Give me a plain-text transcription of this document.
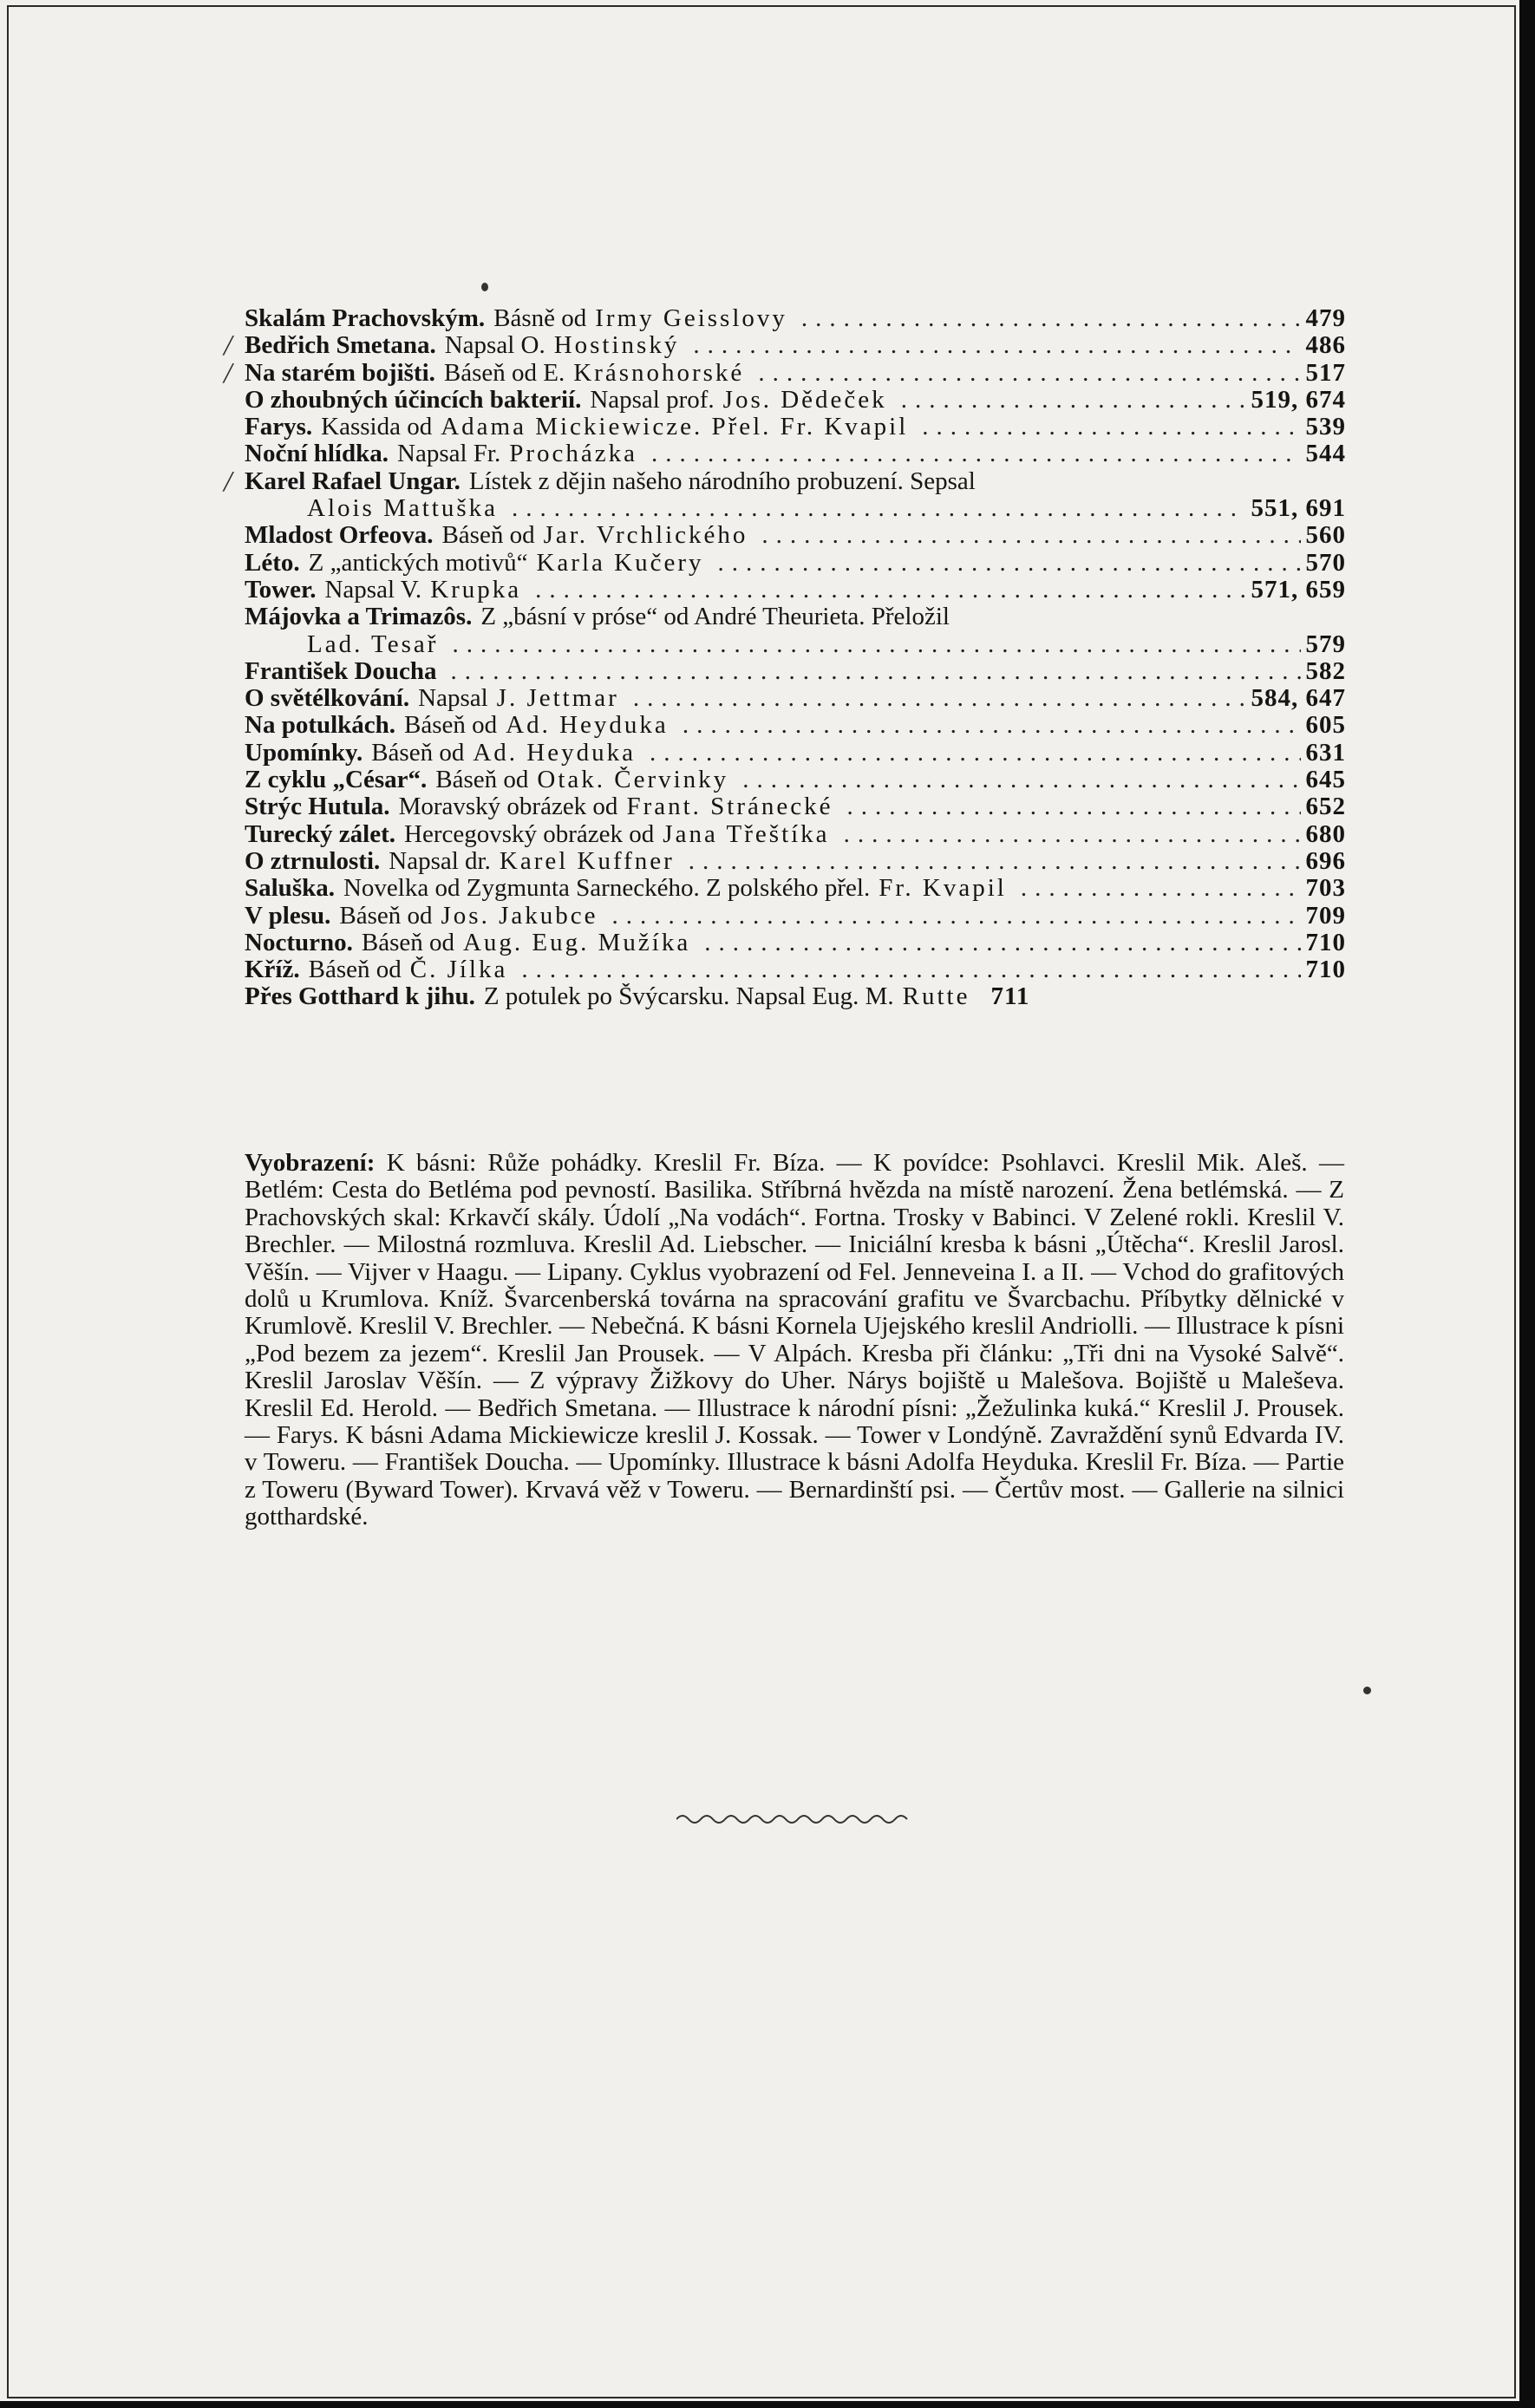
Skalám Prachovským. Básně od Irmy Geisslovy .....	479
/ Bedřich Smetana. Napsal O. Hostinský .....	486
/ Na starém bojišti. Báseň od E. Krásnohorské .....	517
O zhoubných účincích bakterií. Napsal prof. Jos. Dědeček .....	519, 674
Farys. Kassida od Adama Mickiewicze. Přel. Fr. Kvapil .....	539
Noční hlídka. Napsal Fr. Procházka .....	544
/ Karel Rafael Ungar. Lístek z dějin našeho národního probuzení. Sepsal
Alois Mattuška .....	551, 691
Mladost Orfeova. Báseň od Jar. Vrchlického .....	560
Léto. Z „antických motivů“ Karla Kučery .....	570
Tower. Napsal V. Krupka .....	571, 659
Májovka a Trimazôs. Z „básní v próse“ od André Theurieta. Přeložil
Lad. Tesař .....	579
František Doucha .....	582
O světélkování. Napsal J. Jettmar .....	584, 647
Na potulkách. Báseň od Ad. Heyduka .....	605
Upomínky. Báseň od Ad. Heyduka .....	631
Z cyklu „César“. Báseň od Otak. Červinky .....	645
Strýc Hutula. Moravský obrázek od Frant. Stránecké .....	652
Turecký zálet. Hercegovský obrázek od Jana Třeštíka .....	680
O ztrnulosti. Napsal dr. Karel Kuffner .....	696
Saluška. Novelka od Zygmunta Sarneckého. Z polského přel. Fr. Kvapil .....	703
V plesu. Báseň od Jos. Jakubce .....	709
Nocturno. Báseň od Aug. Eug. Mužíka .....	710
Kříž. Báseň od Č. Jílka .....	710
Přes Gotthard k jihu. Z potulek po Švýcarsku. Napsal Eug. M. Rutte 711
Vyobrazení: K básni: Růže pohádky. Kreslil Fr. Bíza. — K povídce: Psohlavci. Kreslil Mik. Aleš. — Betlém: Cesta do Betléma pod pevností. Basilika. Stříbrná hvězda na místě narození. Žena betlémská. — Z Prachovských skal: Krkavčí skály. Údolí „Na vodách“. Fortna. Trosky v Babinci. V Zelené rokli. Kreslil V. Brechler. — Milostná rozmluva. Kreslil Ad. Liebscher. — Iniciální kresba k básni „Útěcha“. Kreslil Jarosl. Věšín. — Vijver v Haagu. — Lipany. Cyklus vyobrazení od Fel. Jenneveina I. a II. — Vchod do grafitových dolů u Krumlova. Kníž. Švarcenberská továrna na spracování grafitu ve Švarcbachu. Příbytky dělnické v Krumlově. Kreslil V. Brechler. — Nebečná. K básni Kornela Ujejského kreslil Andriolli. — Illustrace k písni „Pod bezem za jezem“. Kreslil Jan Prousek. — V Alpách. Kresba při článku: „Tři dni na Vysoké Salvě“. Kreslil Jaroslav Věšín. — Z výpravy Žižkovy do Uher. Nárys bojiště u Malešova. Bojiště u Maleševa. Kreslil Ed. Herold. — Bedřich Smetana. — Illustrace k národní písni: „Žežulinka kuká.“ Kreslil J. Prousek. — Farys. K básni Adama Mickiewicze kreslil J. Kossak. — Tower v Londýně. Zavraždění synů Edvarda IV. v Toweru. — František Doucha. — Upomínky. Illustrace k básni Adolfa Heyduka. Kreslil Fr. Bíza. — Partie z Toweru (Byward Tower). Krvavá věž v Toweru. — Bernardinští psi. — Čertův most. — Gallerie na silnici gotthardské.
